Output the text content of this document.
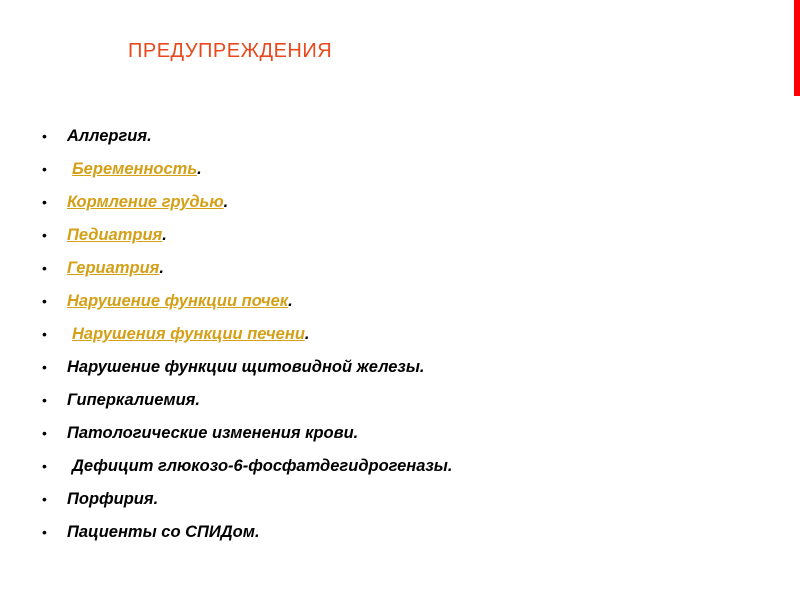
ПРЕДУПРЕЖДЕНИЯ
• Аллергия.
• Беременность.
• Кормление грудью.
• Педиатрия.
• Гериатрия.
• Нарушение функции почек.
• Нарушения функции печени.
• Нарушение функции щитовидной железы.
• Гиперкалиемия.
• Патологические изменения крови.
• Дефицит глюкозо-6-фосфатдегидрогеназы.
• Порфирия.
• Пациенты со СПИДом.
